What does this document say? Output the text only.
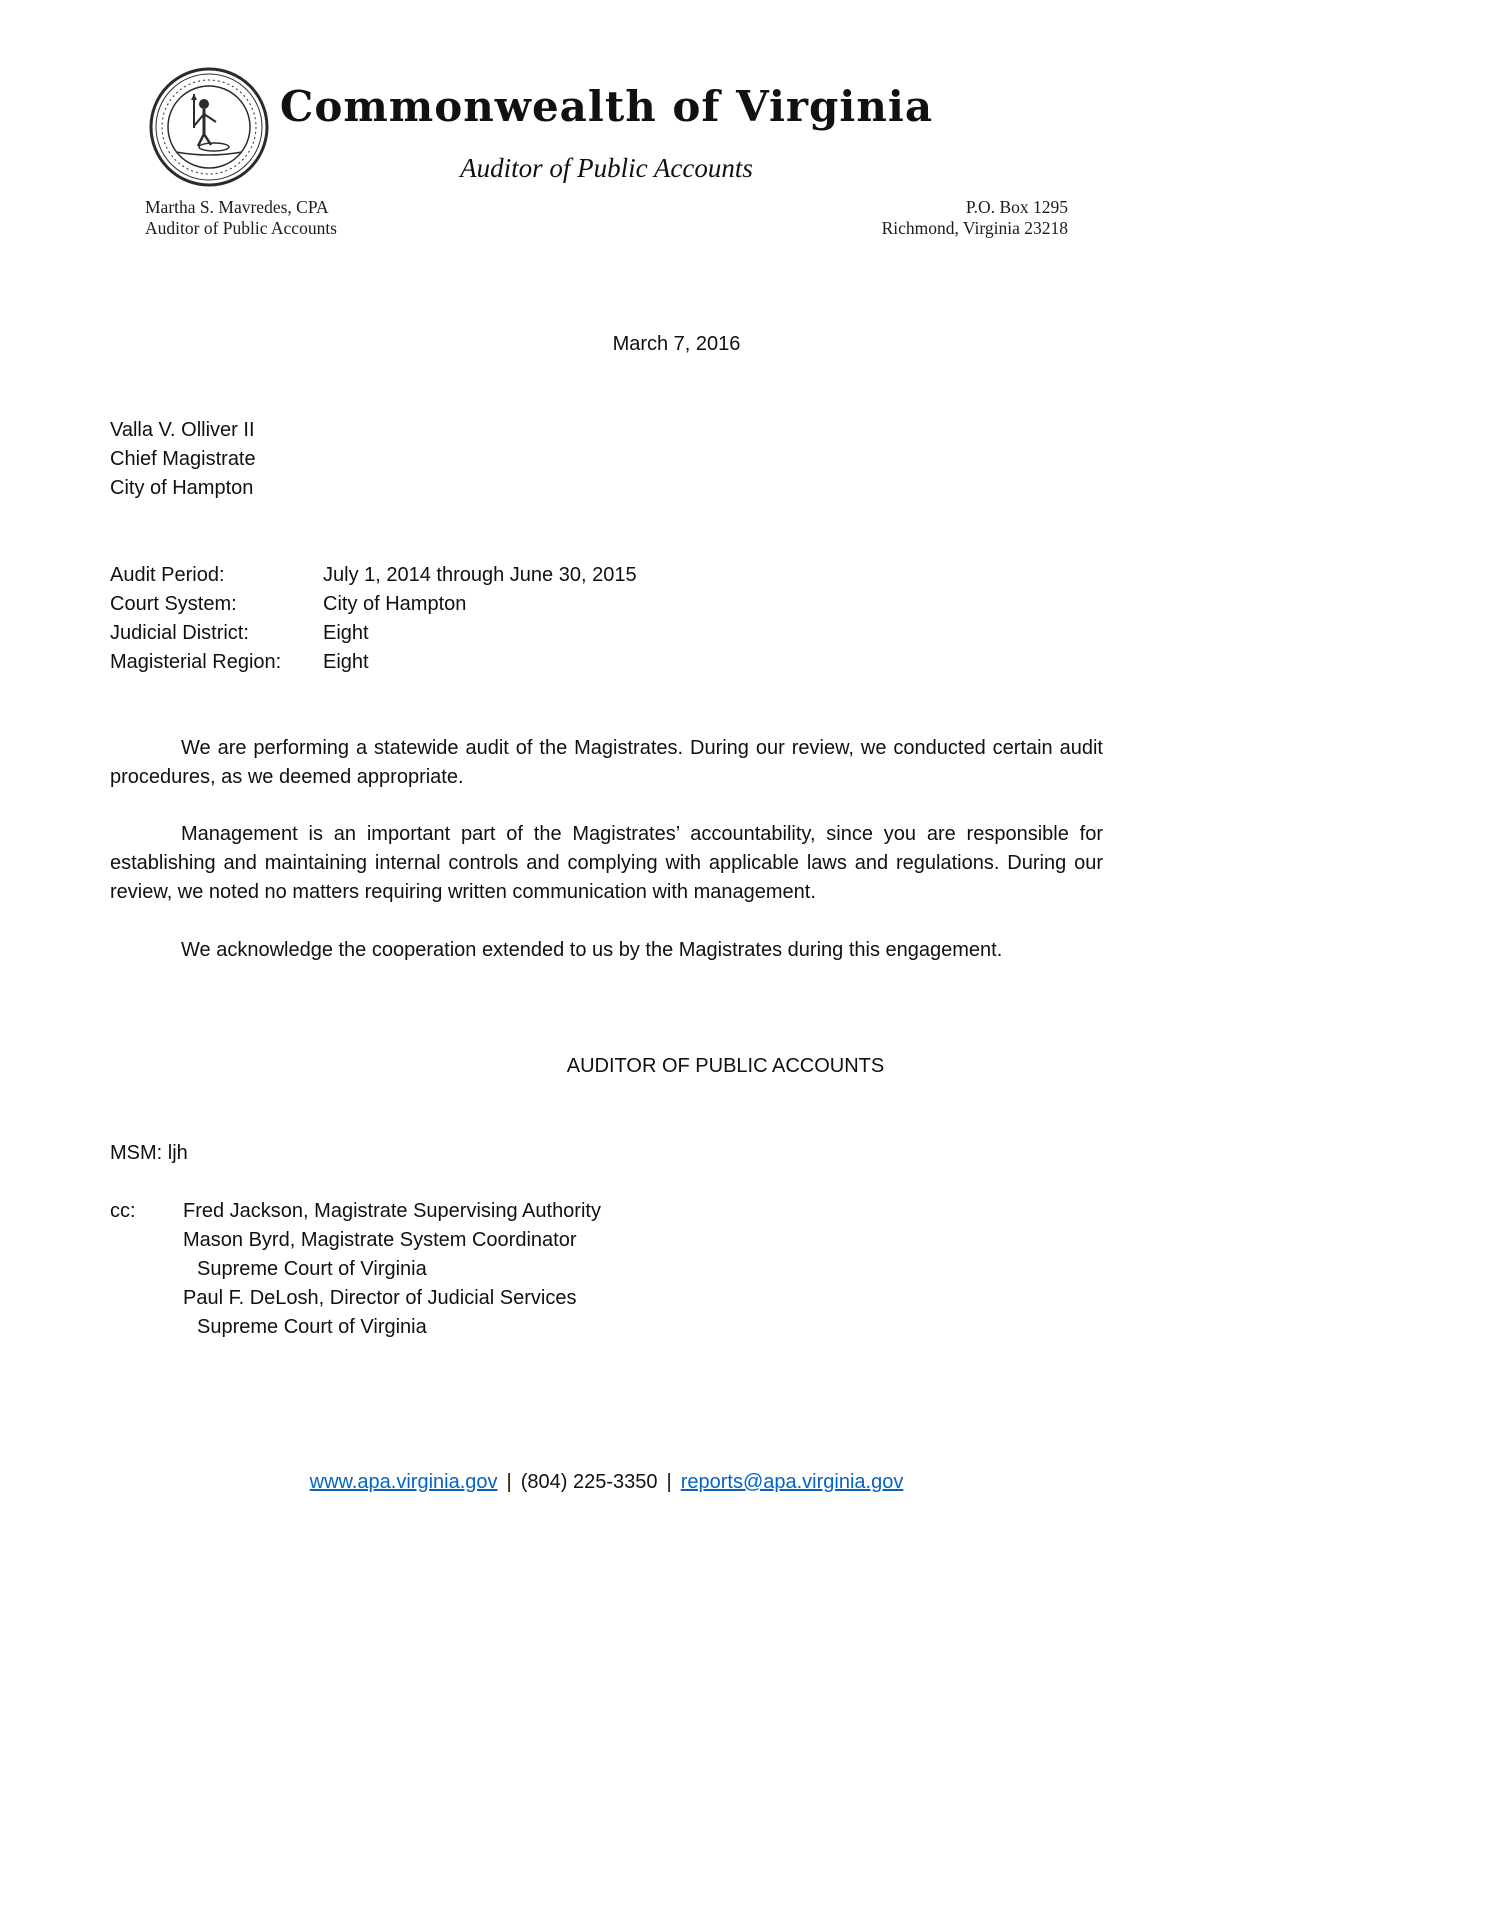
Commonwealth of Virginia
Auditor of Public Accounts
Martha S. Mavredes, CPA
Auditor of Public Accounts
P.O. Box 1295
Richmond, Virginia 23218
March 7, 2016
Valla V. Olliver II
Chief Magistrate
City of Hampton
Audit Period:	July 1, 2014 through June 30, 2015
Court System:	City of Hampton
Judicial District:	Eight
Magisterial Region:	Eight

We are performing a statewide audit of the Magistrates. During our review, we conducted certain audit procedures, as we deemed appropriate.

Management is an important part of the Magistrates’ accountability, since you are responsible for establishing and maintaining internal controls and complying with applicable laws and regulations. During our review, we noted no matters requiring written communication with management.

We acknowledge the cooperation extended to us by the Magistrates during this engagement.

AUDITOR OF PUBLIC ACCOUNTS
MSM: ljh
cc:	Fred Jackson, Magistrate Supervising Authority
Mason Byrd, Magistrate System Coordinator
Supreme Court of Virginia
Paul F. DeLosh, Director of Judicial Services
Supreme Court of Virginia
www.apa.virginia.gov | (804) 225-3350 | reports@apa.virginia.gov
